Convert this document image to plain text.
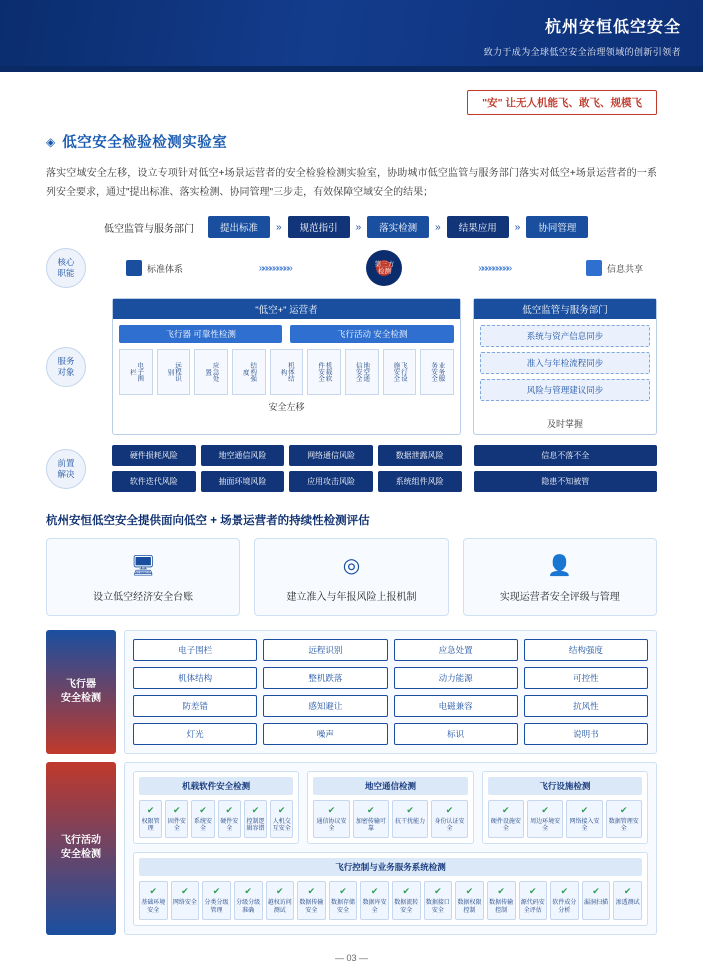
杭州安恒低空安全
致力于成为全球低空安全治理领域的创新引领者
"安" 让无人机能飞、敢飞、规模飞
◈ 低空安全检验检测实验室
落实空域安全左移，设立专项针对低空+场景运营者的安全检验检测实验室，协助城市低空监管与服务部门落实对低空+场景运营者的一系列安全要求，通过"提出标准、落实检测、协同管理"三步走，有效保障空域安全的结果；
低空监管与服务部门	提出标准	»	规范指引	»	落实检测	»	结果应用	»	协同管理
核心
职能	标准体系	»»»»»»»»»	第三方
检测	»»»»»»»»»	信息共享
服务
对象
"低空+" 运营者
飞行器 可靠性检测	飞行活动 安全检测
电子围栏	远程识别	应急处置	结构强度	机体结构	机载软件安全	地空通信安全	飞行设施安全	业务服务安全
安全左移
低空监管与服务部门
系统与资产信息同步
准入与年检流程同步
风险与管理建议同步
及时掌握
前置
解决
硬件损耗风险	地空通信风险	网络通信风险	数据泄露风险
软件迭代风险	抽面环境风险	应用攻击风险	系统组件风险
信息不落不全
隐患不知被管
杭州安恒低空安全提供面向低空 + 场景运营者的持续性检测评估
🖥
设立低空经济安全台账
◎
建立准入与年报风险上报机制
👤
实现运营者安全评级与管理
飞行器
安全检测
电子围栏	远程识别	应急处置	结构强度
机体结构	整机跌落	动力能源	可控性
防差错	感知避让	电磁兼容	抗风性
灯光	噪声	标识	说明书
飞行活动
安全检测
机载软件安全检测
✔
权限管理
✔
固件安全
✔
系统安全
✔
硬件安全
✔
控制逻辑容错
✔
人机交互安全
地空通信检测
✔
通信协议安全
✔
加密传输可靠
✔
抗干扰能力
✔
身份认证安全
飞行设施检测
✔
硬件设施安全
✔
周边环境安全
✔
网络接入安全
✔
数据管理安全
飞行控制与业务服务系统检测
✔
基础环境安全
✔
网络安全
✔
分类分级管理
✔
分级分级准确
✔
越权访问测试
✔
数据传输安全
✔
数据存储安全
✔
数据库安全
✔
数据流转安全
✔
数据接口安全
✔
数据权限控制
✔
数据传输控制
✔
源代码安全评估
✔
软件成分分析
✔
漏洞扫描
✔
渗透测试
— 03 —
